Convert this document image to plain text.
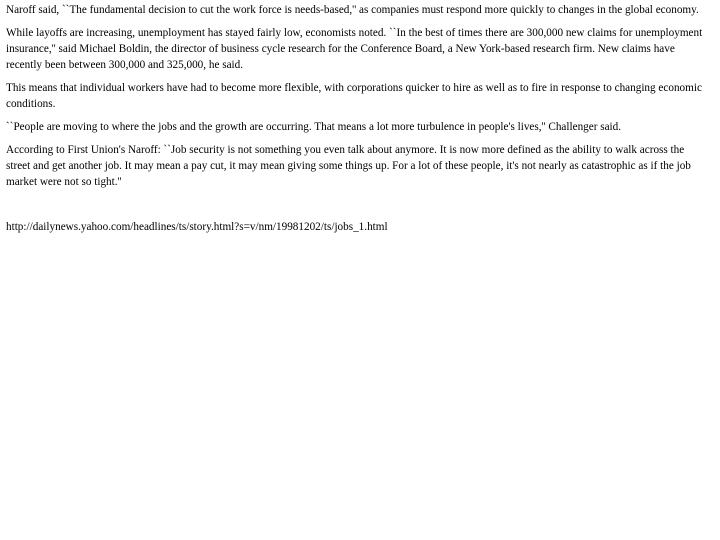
Naroff said, ``The fundamental decision to cut the work force is needs-based,'' as companies must respond more quickly to changes in the global economy.

While layoffs are increasing, unemployment has stayed fairly low, economists noted. ``In the best of times there are 300,000 new claims for unemployment insurance,'' said Michael Boldin, the director of business cycle research for the Conference Board, a New York-based research firm. New claims have recently been between 300,000 and 325,000, he said.

This means that individual workers have had to become more flexible, with corporations quicker to hire as well as to fire in response to changing economic conditions.

``People are moving to where the jobs and the growth are occurring. That means a lot more turbulence in people's lives,'' Challenger said.

According to First Union's Naroff: ``Job security is not something you even talk about anymore. It is now more defined as the ability to walk across the street and get another job. It may mean a pay cut, it may mean giving some things up. For a lot of these people, it's not nearly as catastrophic as if the job market were not so tight.''

http://dailynews.yahoo.com/headlines/ts/story.html?s=v/nm/19981202/ts/jobs_1.html
